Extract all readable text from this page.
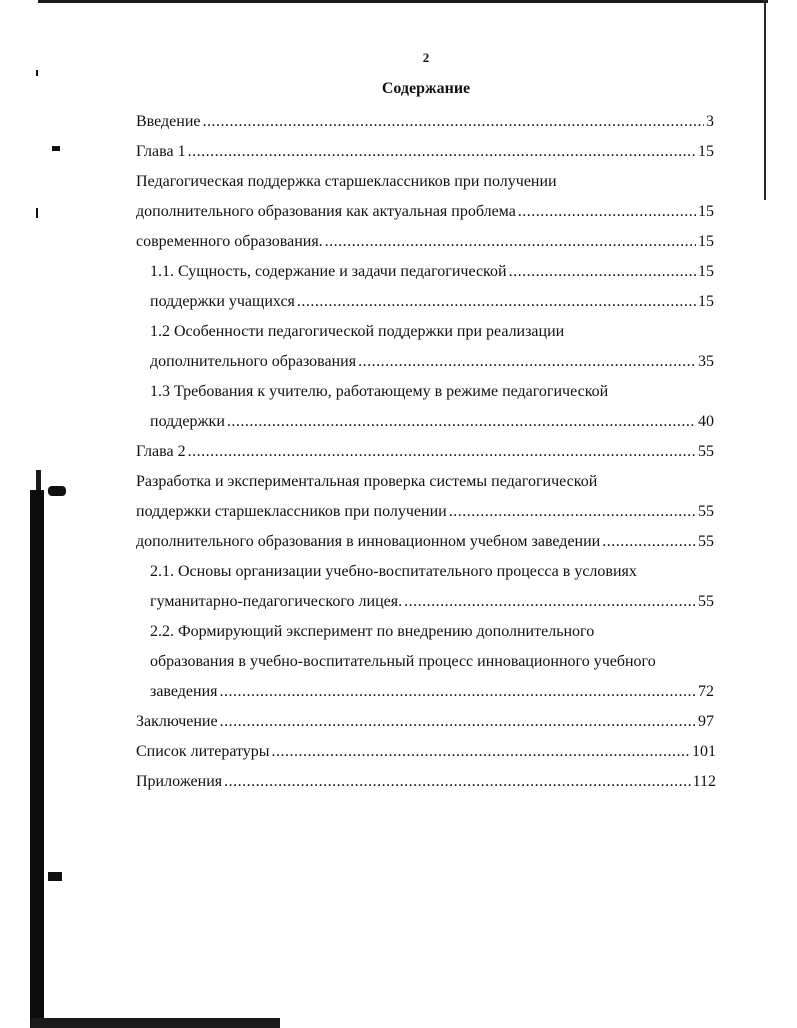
2
Содержание
Введение .....	3
Глава 1 .....	15
Педагогическая поддержка старшеклассников при получении
дополнительного образования как актуальная проблема .....	15
современного образования. .....	15
1.1. Сущность, содержание и задачи педагогической .....	15
поддержки учащихся .....	15
1.2 Особенности педагогической поддержки при реализации
дополнительного образования .....	35
1.3 Требования к учителю, работающему в режиме педагогической
поддержки .....	40
Глава 2 .....	55
Разработка и экспериментальная проверка системы педагогической
поддержки старшеклассников при получении .....	55
дополнительного образования в инновационном учебном заведении .....	55
2.1. Основы организации учебно-воспитательного процесса в условиях
гуманитарно-педагогического лицея. .....	55
2.2. Формирующий эксперимент по внедрению дополнительного
образования в учебно-воспитательный процесс инновационного учебного
заведения .....	72
Заключение .....	97
Список литературы .....	101
Приложения .....	112
